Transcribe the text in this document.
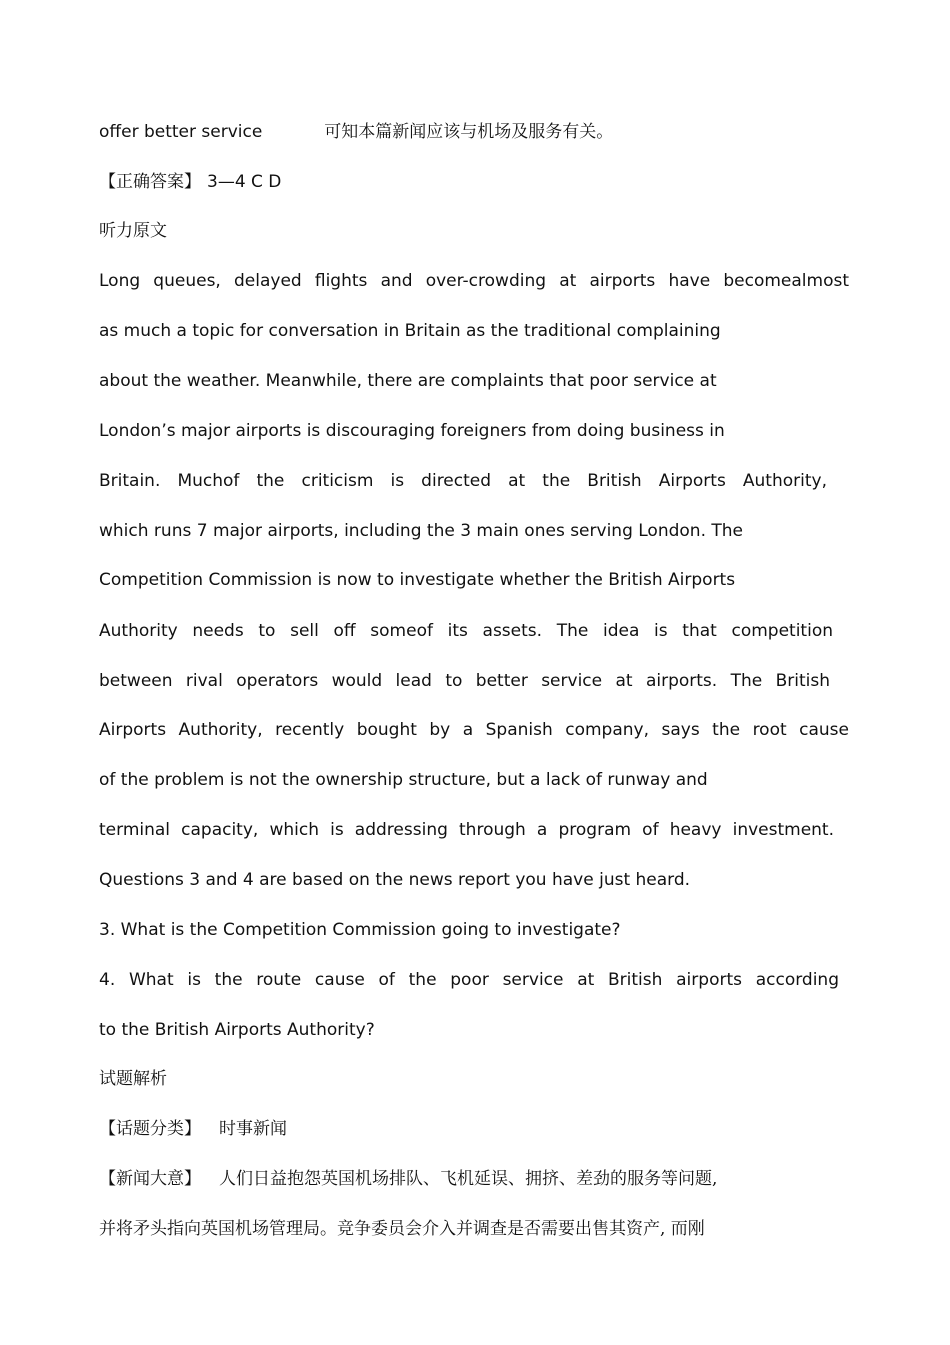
offer better service	可知本篇新闻应该与机场及服务有关。
【正确答案】 3—4 C D
听力原文
Long queues, delayed flights and over-crowding at airports have becomealmost
as much a topic for conversation in Britain as the traditional complaining
about the weather. Meanwhile, there are complaints that poor service at
London’s major airports is discouraging foreigners from doing business in
Britain. Muchof the criticism is directed at the British Airports Authority,
which runs 7 major airports, including the 3 main ones serving London. The
Competition Commission is now to investigate whether the British Airports
Authority needs to sell off someof its assets. The idea is that competition
between rival operators would lead to better service at airports. The British
Airports Authority, recently bought by a Spanish company, says the root cause
of the problem is not the ownership structure, but a lack of runway and
terminal capacity, which is addressing through a program of heavy investment.
Questions 3 and 4 are based on the news report you have just heard.
3. What is the Competition Commission going to investigate?
4. What is the route cause of the poor service at British airports according
to the British Airports Authority?
试题解析
【话题分类】 时事新闻
【新闻大意】 人们日益抱怨英国机场排队、飞机延误、拥挤、差劲的服务等问题,
并将矛头指向英国机场管理局。竞争委员会介入并调查是否需要出售其资产, 而刚
